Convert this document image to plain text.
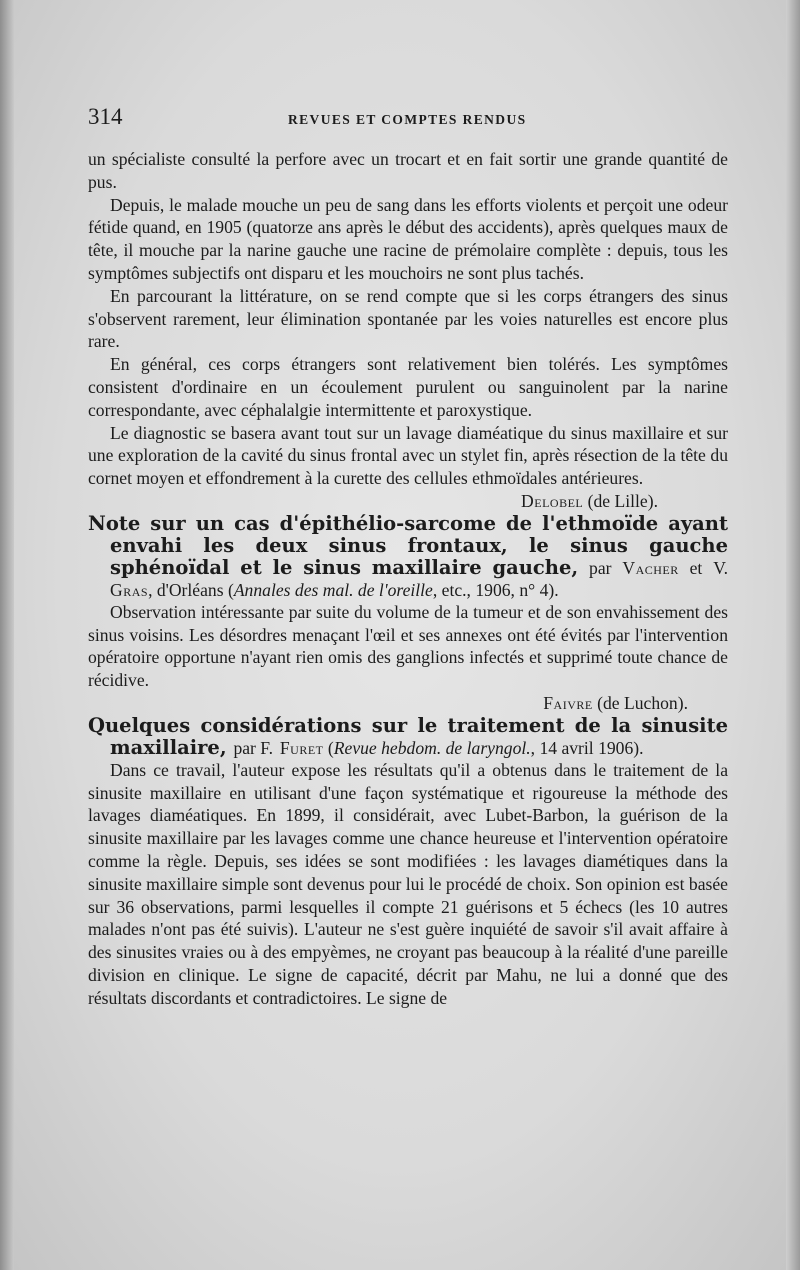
314	REVUES ET COMPTES RENDUS

un spécialiste consulté la perfore avec un trocart et en fait sortir une grande quantité de pus.

Depuis, le malade mouche un peu de sang dans les efforts violents et perçoit une odeur fétide quand, en 1905 (quatorze ans après le début des accidents), après quelques maux de tête, il mouche par la narine gauche une racine de prémolaire complète : depuis, tous les symptômes subjectifs ont disparu et les mouchoirs ne sont plus tachés.

En parcourant la littérature, on se rend compte que si les corps étrangers des sinus s'observent rarement, leur élimination spontanée par les voies naturelles est encore plus rare.

En général, ces corps étrangers sont relativement bien tolérés. Les symptômes consistent d'ordinaire en un écoulement purulent ou sanguinolent par la narine correspondante, avec céphalalgie intermittente et paroxystique.

Le diagnostic se basera avant tout sur un lavage diaméatique du sinus maxillaire et sur une exploration de la cavité du sinus frontal avec un stylet fin, après résection de la tête du cornet moyen et effondrement à la curette des cellules ethmoïdales antérieures.

Delobel (de Lille).

Note sur un cas d'épithélio-sarcome de l'ethmoïde ayant envahi les deux sinus frontaux, le sinus gauche sphénoïdal et le sinus maxillaire gauche, par Vacher et V. Gras, d'Orléans (Annales des mal. de l'oreille, etc., 1906, n° 4).

Observation intéressante par suite du volume de la tumeur et de son envahissement des sinus voisins. Les désordres menaçant l'œil et ses annexes ont été évités par l'intervention opératoire opportune n'ayant rien omis des ganglions infectés et supprimé toute chance de récidive.

Faivre (de Luchon).

Quelques considérations sur le traitement de la sinusite maxillaire, par F. Furet (Revue hebdom. de laryngol., 14 avril 1906).

Dans ce travail, l'auteur expose les résultats qu'il a obtenus dans le traitement de la sinusite maxillaire en utilisant d'une façon systématique et rigoureuse la méthode des lavages diaméatiques. En 1899, il considérait, avec Lubet-Barbon, la guérison de la sinusite maxillaire par les lavages comme une chance heureuse et l'intervention opératoire comme la règle. Depuis, ses idées se sont modifiées : les lavages diamétiques dans la sinusite maxillaire simple sont devenus pour lui le procédé de choix. Son opinion est basée sur 36 observations, parmi lesquelles il compte 21 guérisons et 5 échecs (les 10 autres malades n'ont pas été suivis). L'auteur ne s'est guère inquiété de savoir s'il avait affaire à des sinusites vraies ou à des empyèmes, ne croyant pas beaucoup à la réalité d'une pareille division en clinique. Le signe de capacité, décrit par Mahu, ne lui a donné que des résultats discordants et contradictoires. Le signe de
